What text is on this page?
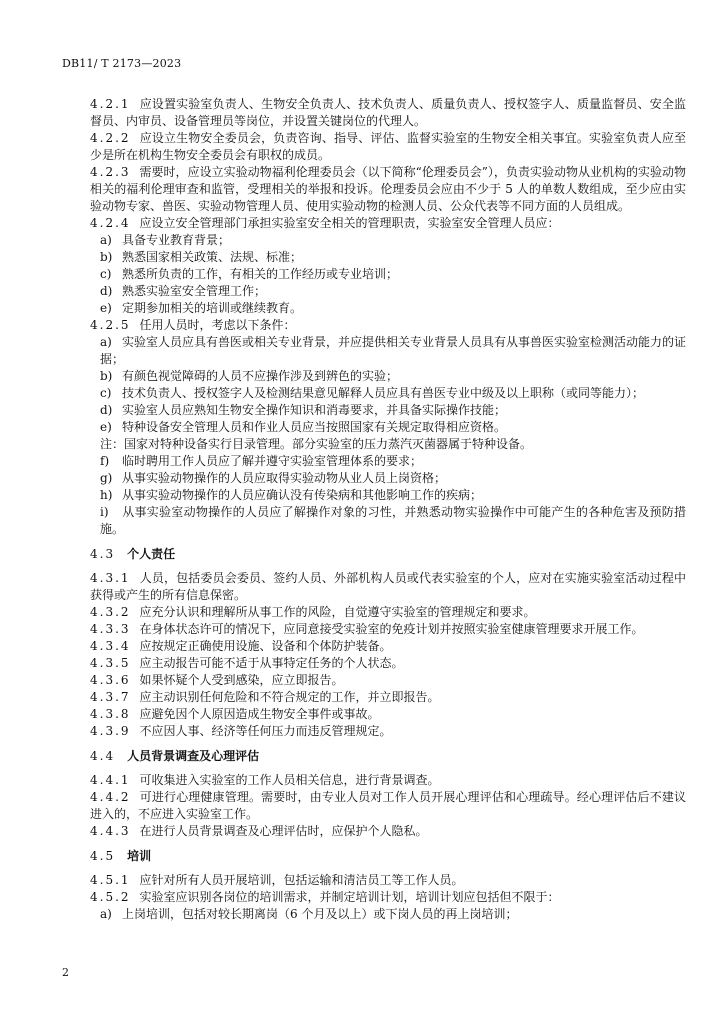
DB11/ T 2173—2023
4.2.1 应设置实验室负责人、生物安全负责人、技术负责人、质量负责人、授权签字人、质量监督员、安全监督员、内审员、设备管理员等岗位，并设置关键岗位的代理人。
4.2.2 应设立生物安全委员会，负责咨询、指导、评估、监督实验室的生物安全相关事宜。实验室负责人应至少是所在机构生物安全委员会有职权的成员。
4.2.3 需要时，应设立实验动物福利伦理委员会（以下简称“伦理委员会”），负责实验动物从业机构的实验动物相关的福利伦理审查和监管，受理相关的举报和投诉。伦理委员会应由不少于 5 人的单数人数组成，至少应由实验动物专家、兽医、实验动物管理人员、使用实验动物的检测人员、公众代表等不同方面的人员组成。
4.2.4 应设立安全管理部门承担实验室安全相关的管理职责，实验室安全管理人员应：
a) 具备专业教育背景；
b) 熟悉国家相关政策、法规、标准；
c) 熟悉所负责的工作，有相关的工作经历或专业培训；
d) 熟悉实验室安全管理工作；
e) 定期参加相关的培训或继续教育。
4.2.5 任用人员时，考虑以下条件：
a) 实验室人员应具有兽医或相关专业背景，并应提供相关专业背景人员具有从事兽医实验室检测活动能力的证据；
b) 有颜色视觉障碍的人员不应操作涉及到辨色的实验；
c) 技术负责人、授权签字人及检测结果意见解释人员应具有兽医专业中级及以上职称（或同等能力）；
d) 实验室人员应熟知生物安全操作知识和消毒要求，并具备实际操作技能；
e) 特种设备安全管理人员和作业人员应当按照国家有关规定取得相应资格。
注：国家对特种设备实行目录管理。部分实验室的压力蒸汽灭菌器属于特种设备。
f) 临时聘用工作人员应了解并遵守实验室管理体系的要求；
g) 从事实验动物操作的人员应取得实验动物从业人员上岗资格；
h) 从事实验动物操作的人员应确认没有传染病和其他影响工作的疾病；
i) 从事实验室动物操作的人员应了解操作对象的习性，并熟悉动物实验操作中可能产生的各种危害及预防措施。
4.3 个人责任
4.3.1 人员，包括委员会委员、签约人员、外部机构人员或代表实验室的个人，应对在实施实验室活动过程中获得或产生的所有信息保密。
4.3.2 应充分认识和理解所从事工作的风险，自觉遵守实验室的管理规定和要求。
4.3.3 在身体状态许可的情况下，应同意接受实验室的免疫计划并按照实验室健康管理要求开展工作。
4.3.4 应按规定正确使用设施、设备和个体防护装备。
4.3.5 应主动报告可能不适于从事特定任务的个人状态。
4.3.6 如果怀疑个人受到感染，应立即报告。
4.3.7 应主动识别任何危险和不符合规定的工作，并立即报告。
4.3.8 应避免因个人原因造成生物安全事件或事故。
4.3.9 不应因人事、经济等任何压力而违反管理规定。
4.4 人员背景调查及心理评估
4.4.1 可收集进入实验室的工作人员相关信息，进行背景调查。
4.4.2 可进行心理健康管理。需要时，由专业人员对工作人员开展心理评估和心理疏导。经心理评估后不建议进入的，不应进入实验室工作。
4.4.3 在进行人员背景调查及心理评估时，应保护个人隐私。
4.5 培训
4.5.1 应针对所有人员开展培训，包括运输和清洁员工等工作人员。
4.5.2 实验室应识别各岗位的培训需求，并制定培训计划，培训计划应包括但不限于：
a) 上岗培训，包括对较长期离岗（6 个月及以上）或下岗人员的再上岗培训；
2
